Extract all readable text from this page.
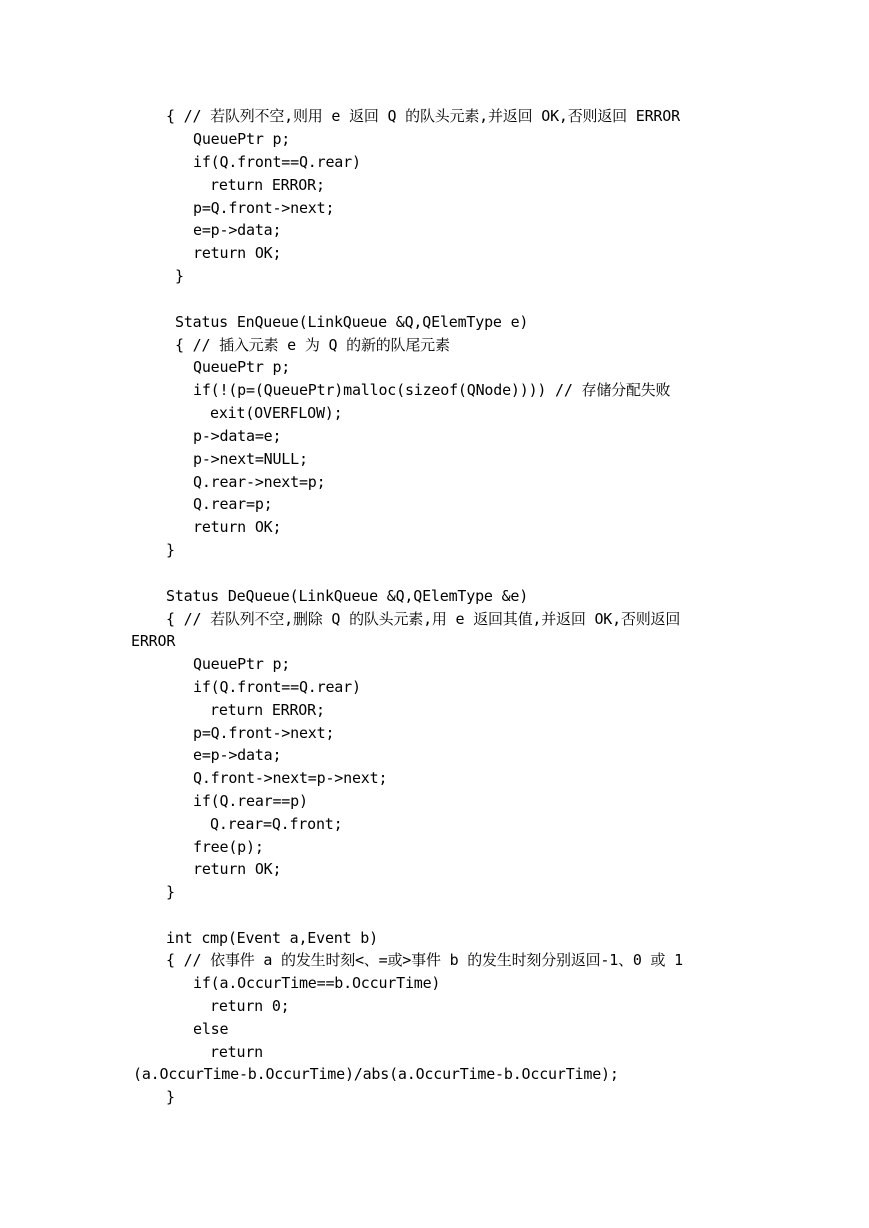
{ // 若队列不空,则用 e 返回 Q 的队头元素,并返回 OK,否则返回 ERROR
QueuePtr p;
if(Q.front==Q.rear)
return ERROR;
p=Q.front->next;
e=p->data;
return OK;
}
Status EnQueue(LinkQueue &Q,QElemType e)
{ // 插入元素 e 为 Q 的新的队尾元素
QueuePtr p;
if(!(p=(QueuePtr)malloc(sizeof(QNode)))) // 存储分配失败
exit(OVERFLOW);
p->data=e;
p->next=NULL;
Q.rear->next=p;
Q.rear=p;
return OK;
}
Status DeQueue(LinkQueue &Q,QElemType &e)
{ // 若队列不空,删除 Q 的队头元素,用 e 返回其值,并返回 OK,否则返回
ERROR
QueuePtr p;
if(Q.front==Q.rear)
return ERROR;
p=Q.front->next;
e=p->data;
Q.front->next=p->next;
if(Q.rear==p)
Q.rear=Q.front;
free(p);
return OK;
}
int cmp(Event a,Event b)
{ // 依事件 a 的发生时刻<、=或>事件 b 的发生时刻分别返回-1、0 或 1
if(a.OccurTime==b.OccurTime)
return 0;
else
return
(a.OccurTime-b.OccurTime)/abs(a.OccurTime-b.OccurTime);
}
